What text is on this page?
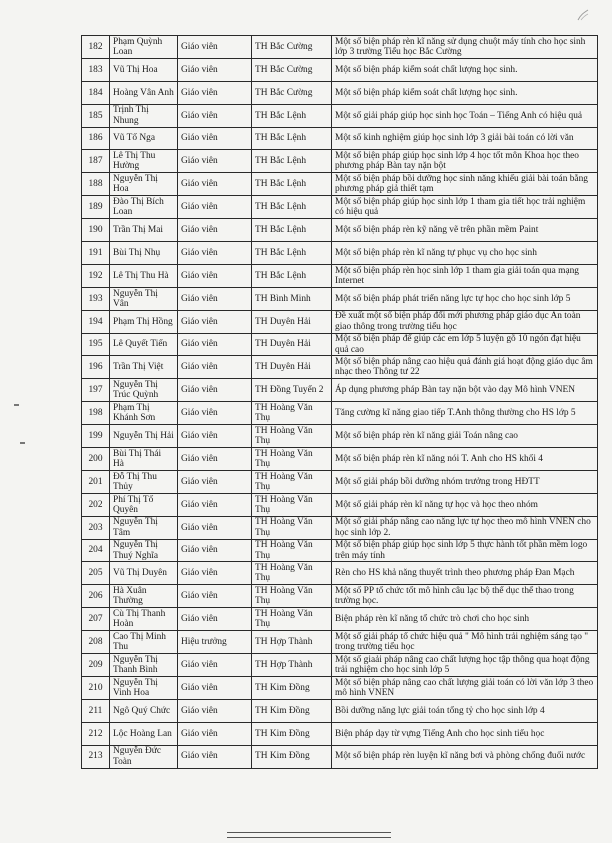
182	Phạm Quỳnh Loan	Giáo viên	TH Bắc Cường	Một số biện pháp rèn kĩ năng sử dụng chuột máy tính cho học sinh lớp 3 trường Tiểu học Bắc Cường
183	Vũ Thị Hoa	Giáo viên	TH Bắc Cường	Một số biện pháp kiểm soát chất lượng học sinh.
184	Hoàng Vân Anh	Giáo viên	TH Bắc Cường	Một số biện pháp kiểm soát chất lượng học sinh.
185	Trịnh Thị Nhung	Giáo viên	TH Bắc Lệnh	Một số giải pháp giúp học sinh học Toán – Tiếng Anh có hiệu quả
186	Vũ Tố Nga	Giáo viên	TH Bắc Lệnh	Một số kinh nghiệm giúp học sinh lớp 3 giải bài toán có lời văn
187	Lê Thị Thu Hường	Giáo viên	TH Bắc Lệnh	Một số biện pháp giúp học sinh lớp 4 học tốt môn Khoa học theo phương pháp Bàn tay nặn bột
188	Nguyễn Thị Hoa	Giáo viên	TH Bắc Lệnh	Một số biện pháp bồi dưỡng học sinh năng khiếu giải bài toán bằng phương pháp giả thiết tạm
189	Đào Thị Bích Loan	Giáo viên	TH Bắc Lệnh	Một số biện pháp giúp học sinh lớp 1 tham gia tiết học trải nghiệm có hiệu quả
190	Trần Thị Mai	Giáo viên	TH Bắc Lệnh	Một số biện pháp rèn kỹ năng vẽ trên phần mềm Paint
191	Bùi Thị Nhụ	Giáo viên	TH Bắc Lệnh	Một số biện pháp rèn kĩ năng tự phục vụ cho học sinh
192	Lê Thị Thu Hà	Giáo viên	TH Bắc Lệnh	Một số biện pháp rèn học sinh lớp 1 tham gia giải toán qua mạng Internet
193	Nguyễn Thị Vân	Giáo viên	TH Bình Minh	Một số biện pháp phát triển năng lực tự học cho học sinh lớp 5
194	Phạm Thị Hồng	Giáo viên	TH Duyên Hải	Đề xuất một số biện pháp đổi mới phương pháp giáo dục An toàn giao thông trong trường tiểu học
195	Lê Quyết Tiến	Giáo viên	TH Duyên Hải	Một số biện pháp để giúp các em lớp 5 luyện gõ 10 ngón đạt hiệu quả cao
196	Trần Thị Việt	Giáo viên	TH Duyên Hải	Một số biện pháp nâng cao hiệu quả đánh giá hoạt động giáo dục âm nhạc theo Thông tư 22
197	Nguyễn Thị Trúc Quỳnh	Giáo viên	TH Đồng Tuyển 2	Áp dụng phương pháp Bàn tay nặn bột vào dạy Mô hình VNEN
198	Phạm Thị Khánh Sơn	Giáo viên	TH Hoàng Văn Thụ	Tăng cường kĩ năng giao tiếp T.Anh thông thường cho HS lớp 5
199	Nguyễn Thị Hải	Giáo viên	TH Hoàng Văn Thụ	Một số biện pháp rèn kĩ năng giải Toán nâng cao
200	Bùi Thị Thái Hà	Giáo viên	TH Hoàng Văn Thụ	Một số biện pháp rèn kĩ năng nói T. Anh cho HS khối 4
201	Đỗ Thị Thu Thủy	Giáo viên	TH Hoàng Văn Thụ	Một số giải pháp bồi dưỡng nhóm trưởng trong HĐTT
202	Phí Thị Tố Quyên	Giáo viên	TH Hoàng Văn Thụ	Một số giải pháp rèn kĩ năng tự học và học theo nhóm
203	Nguyễn Thị Tâm	Giáo viên	TH Hoàng Văn Thụ	Một số giải pháp nâng cao năng lực tự học theo mô hình VNEN cho học sinh lớp 2.
204	Nguyễn Thị Thuý Nghĩa	Giáo viên	TH Hoàng Văn Thụ	Một số biện pháp giúp học sinh lớp 5 thực hành tốt phần mềm logo trên máy tính
205	Vũ Thị Duyên	Giáo viên	TH Hoàng Văn Thụ	Rèn cho HS khả năng thuyết trình theo phương pháp Đan Mạch
206	Hà Xuân Thường	Giáo viên	TH Hoàng Văn Thụ	Một số PP tổ chức tốt mô hình câu lạc bộ thể dục thể thao trong trường học.
207	Cù Thị Thanh Hoàn	Giáo viên	TH Hoàng Văn Thụ	Biện pháp rèn kĩ năng tổ chức trò chơi cho học sinh
208	Cao Thị Minh Thu	Hiệu trưởng	TH Hợp Thành	Một số giải pháp tổ chức hiệu quả " Mô hình trải nghiệm sáng tạo " trong trường tiểu học
209	Nguyễn Thị Thanh Bình	Giáo viên	TH Hợp Thành	Một số giaải pháp nâng cao chất lượng học tập thông qua hoạt động trải nghiệm cho học sinh lớp 5
210	Nguyễn Thị Vinh Hoa	Giáo viên	TH Kim Đồng	Một số biện pháp nâng cao chất lượng giải toán có lời văn lớp 3 theo mô hình VNEN
211	Ngô Quý Chức	Giáo viên	TH Kim Đồng	Bồi dưỡng năng lực giải toán tổng tỷ cho học sinh lớp 4
212	Lộc Hoàng Lan	Giáo viên	TH Kim Đồng	Biện pháp dạy từ vựng Tiếng Anh cho học sinh tiểu học
213	Nguyễn Đức Toàn	Giáo viên	TH Kim Đồng	Một số biện pháp rèn luyện kĩ năng bơi và phòng chống đuối nước
